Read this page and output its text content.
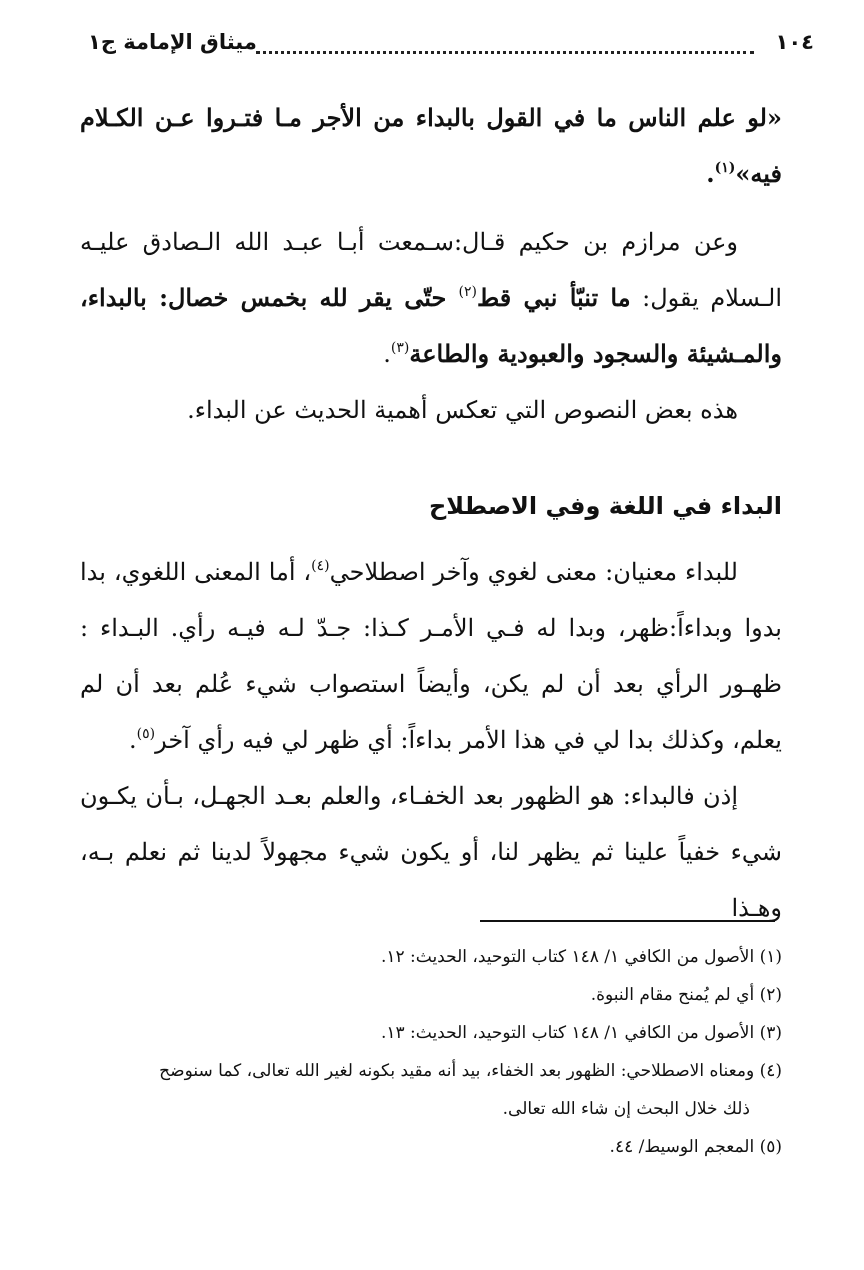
١٠٤
ميثاق الإمامة ج١

«لو علم الناس ما في القول بالبداء من الأجر مـا فتـروا عـن الكـلام فيه»$^{(١)}$.

وعن مرازم بن حكيم قـال:سـمعت أبـا عبـد الله الـصادق عليـه الـسلام يقول: ما تنبّأ نبي قط$^{(٢)}$ حتّى يقر لله بخمس خصال: بالبداء، والمـشيئة والسجود والعبودية والطاعة$^{(٣)}$.

هذه بعض النصوص التي تعكس أهمية الحديث عن البداء.

البداء في اللغة وفي الاصطلاح

للبداء معنيان: معنى لغوي وآخر اصطلاحي$^{(٤)}$، أما المعنى اللغوي، بدا بدوا وبداءاً:ظهر، وبدا له فـي الأمـر كـذا: جـدّ لـه فيـه رأي. البـداء : ظهـور الرأي بعد أن لم يكن، وأيضاً استصواب شيء عُلم بعد أن لم يعلم، وكذلك بدا لي في هذا الأمر بداءاً: أي ظهر لي فيه رأي آخر$^{(٥)}$.

إذن فالبداء: هو الظهور بعد الخفـاء، والعلم بعـد الجهـل، بـأن يكـون شيء خفياً علينا ثم يظهر لنا، أو يكون شيء مجهولاً لدينا ثم نعلم بـه، وهـذا

(١) الأصول من الكافي ١/ ١٤٨ كتاب التوحيد، الحديث: ١٢.

(٢) أي لم يُمنح مقام النبوة.

(٣) الأصول من الكافي ١/ ١٤٨ كتاب التوحيد، الحديث: ١٣.

(٤) ومعناه الاصطلاحي: الظهور بعد الخفاء، بيد أنه مقيد بكونه لغير الله تعالى، كما سنوضح

ذلك خلال البحث إن شاء الله تعالى.

(٥) المعجم الوسيط/ ٤٤.
